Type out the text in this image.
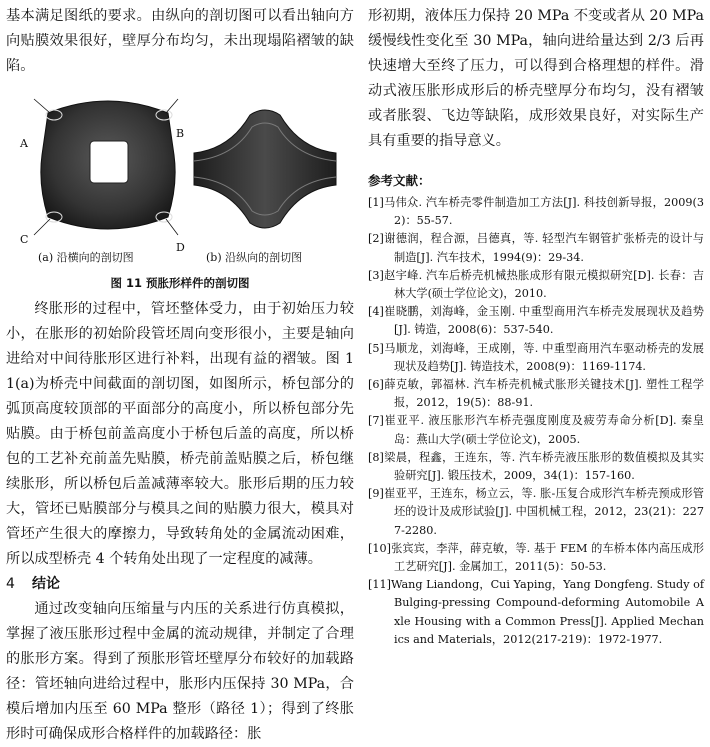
基本满足图纸的要求。由纵向的剖切图可以看出轴向方向贴膜效果很好，壁厚分布均匀，未出现塌陷褶皱的缺陷。

A
B
C
D
(a) 沿横向的剖切图	(b) 沿纵向的剖切图
图 11 预胀形样件的剖切图

终胀形的过程中，管坯整体受力，由于初始压力较小，在胀形的初始阶段管坯周向变形很小，主要是轴向进给对中间待胀形区进行补料，出现有益的褶皱。图 11(a)为桥壳中间截面的剖切图，如图所示，桥包部分的弧顶高度较顶部的平面部分的高度小，所以桥包部分先贴膜。由于桥包前盖高度小于桥包后盖的高度，所以桥包的工艺补充前盖先贴膜，桥壳前盖贴膜之后，桥包继续胀形，所以桥包后盖减薄率较大。胀形后期的压力较大，管坯已贴膜部分与模具之间的贴膜力很大，模具对管坯产生很大的摩擦力，导致转角处的金属流动困难，所以成型桥壳 4 个转角处出现了一定程度的减薄。

4 结论

通过改变轴向压缩量与内压的关系进行仿真模拟，掌握了液压胀形过程中金属的流动规律，并制定了合理的胀形方案。得到了预胀形管坯壁厚分布较好的加载路径：管坯轴向进给过程中，胀形内压保持 30 MPa，合模后增加内压至 60 MPa 整形（路径 1）；得到了终胀形时可确保成形合格样件的加载路径：胀

形初期，液体压力保持 20 MPa 不变或者从 20 MPa 缓慢线性变化至 30 MPa，轴向进给量达到 2/3 后再快速增大至终了压力，可以得到合格理想的样件。滑动式液压胀形成形后的桥壳壁厚分布均匀，没有褶皱或者胀裂、飞边等缺陷，成形效果良好，对实际生产具有重要的指导意义。

参考文献：
[1]马伟众. 汽车桥壳零件制造加工方法[J]. 科技创新导报，2009(32)：55-57.
[2]谢德润，程合源，吕德真，等. 轻型汽车钢管扩张桥壳的设计与制造[J]. 汽车技术，1994(9)：29-34.
[3]赵宇峰. 汽车后桥壳机械热胀成形有限元模拟研究[D]. 长春：吉林大学(硕士学位论文)，2010.
[4]崔晓鹏，刘海峰，金玉刚. 中重型商用汽车桥壳发展现状及趋势[J]. 铸造，2008(6)：537-540.
[5]马顺龙，刘海峰，王成刚，等. 中重型商用汽车驱动桥壳的发展现状及趋势[J]. 铸造技术，2008(9)：1169-1174.
[6]薛克敏，郭福林. 汽车桥壳机械式胀形关键技术[J]. 塑性工程学报，2012，19(5)：88-91.
[7]崔亚平. 液压胀形汽车桥壳强度刚度及疲劳寿命分析[D]. 秦皇岛：燕山大学(硕士学位论文)，2005.
[8]梁晨，程鑫，王连东，等. 汽车桥壳液压胀形的数值模拟及其实验研究[J]. 锻压技术，2009，34(1)：157-160.
[9]崔亚平，王连东，杨立云，等. 胀-压复合成形汽车桥壳预成形管坯的设计及成形试验[J]. 中国机械工程，2012，23(21)：2277-2280.
[10]张宾宾，李萍，薛克敏，等. 基于 FEM 的车桥本体内高压成形工艺研究[J]. 金属加工，2011(5)：50-53.
[11]Wang Liandong，Cui Yaping，Yang Dongfeng. Study of Bulging-pressing Compound-deforming Automobile Axle Housing with a Common Press[J]. Applied Mechanics and Materials，2012(217-219)：1972-1977.
